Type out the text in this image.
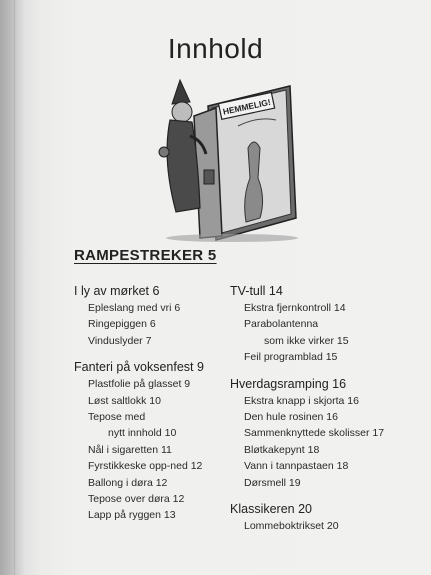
Innhold
HEMMELIG!
RAMPESTREKER 5
I ly av mørket 6
Epleslang med vri 6
Ringepiggen 6
Vinduslyder 7
Fanteri på voksenfest 9
Plastfolie på glasset 9
Løst saltlokk 10
Tepose med
nytt innhold 10
Nål i sigaretten 11
Fyrstikkeske opp-ned 12
Ballong i døra 12
Tepose over døra 12
Lapp på ryggen 13
TV-tull 14
Ekstra fjernkontroll 14
Parabolantenna
som ikke virker 15
Feil programblad 15
Hverdagsramping 16
Ekstra knapp i skjorta 16
Den hule rosinen 16
Sammenknyttede skolisser 17
Bløtkakepynt 18
Vann i tannpastaen 18
Dørsmell 19
Klassikeren 20
Lommeboktrikset 20
